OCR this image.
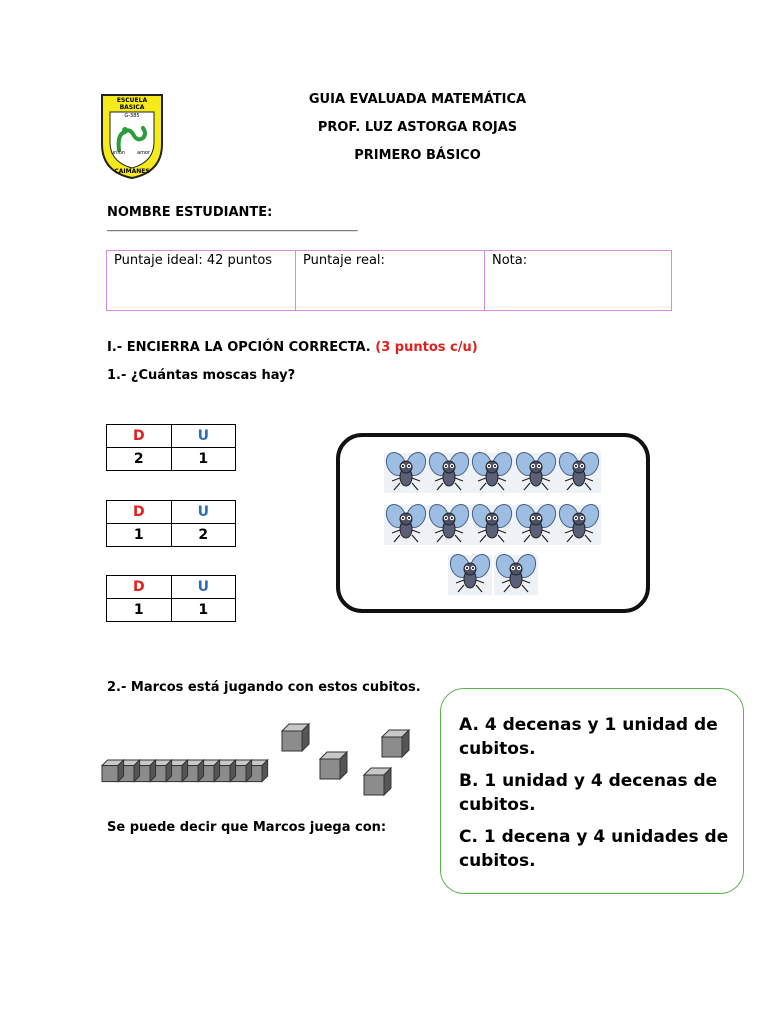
ESCUELA BASICA
G-385
unión amor
CAIMANES
GUIA EVALUADA MATEMÁTICA
PROF. LUZ ASTORGA ROJAS
PRIMERO BÁSICO
NOMBRE ESTUDIANTE:
_____________________________________________________________
Puntaje ideal: 42 puntos	Puntaje real:	Nota:
I.- ENCIERRA LA OPCIÓN CORRECTA. (3 puntos c/u)
1.- ¿Cuántas moscas hay?
D	U
2	1
D	U
1	2
D	U
1	1
2.- Marcos está jugando con estos cubitos.
Se puede decir que Marcos juega con:

A. 4 decenas y 1 unidad de cubitos.

B. 1 unidad y 4 decenas de cubitos.

C. 1 decena y 4 unidades de cubitos.
